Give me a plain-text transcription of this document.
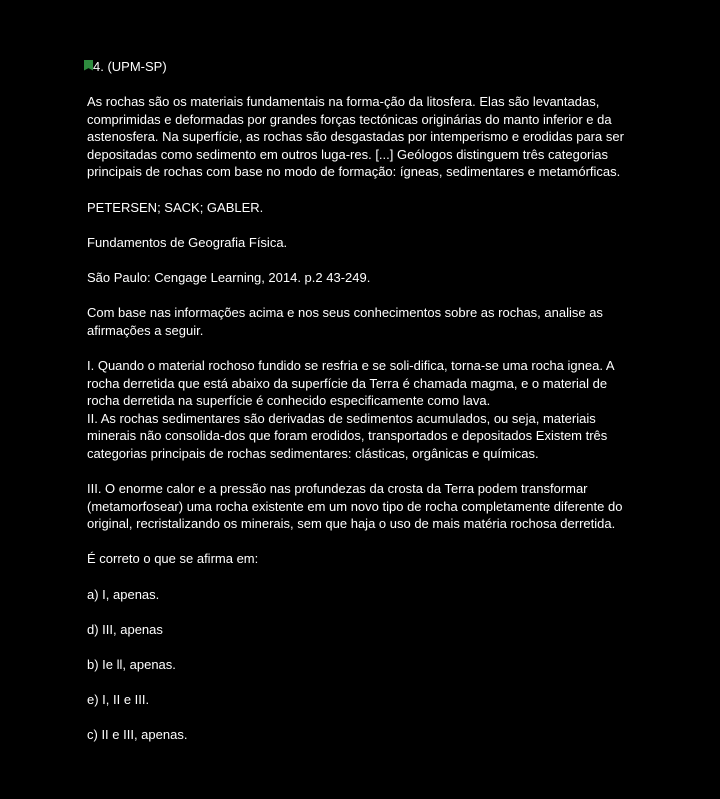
4. (UPM-SP)

As rochas são os materiais fundamentais na forma-ção da litosfera. Elas são levantadas, comprimidas e deformadas por grandes forças tectónicas originárias do manto inferior e da astenosfera. Na superfície, as rochas são desgastadas por intemperismo e erodidas para ser depositadas como sedimento em outros luga-res. [...] Geólogos distinguem três categorias principais de rochas com base no modo de formação: ígneas, sedimentares e metamórficas.

PETERSEN; SACK; GABLER.

Fundamentos de Geografia Física.

São Paulo: Cengage Learning, 2014. p.2 43-249.

Com base nas informações acima e nos seus conhecimentos sobre as rochas, analise as afirmações a seguir.

I. Quando o material rochoso fundido se resfria e se soli-difica, torna-se uma rocha ignea. A rocha derretida que está abaixo da superfície da Terra é chamada magma, e o material de rocha derretida na superfície é conhecido especificamente como lava.

II. As rochas sedimentares são derivadas de sedimentos acumulados, ou seja, materiais minerais não consolida-dos que foram erodidos, transportados e depositados Existem três categorias principais de rochas sedimentares: clásticas, orgânicas e químicas.

III. O enorme calor e a pressão nas profundezas da crosta da Terra podem transformar (metamorfosear) uma rocha existente em um novo tipo de rocha completamente diferente do original, recristalizando os minerais, sem que haja o uso de mais matéria rochosa derretida.

É correto o que se afirma em:

a) I, apenas.

d) III, apenas

b) Ie ll, apenas.

e) I, II e III.

c) II e III, apenas.
